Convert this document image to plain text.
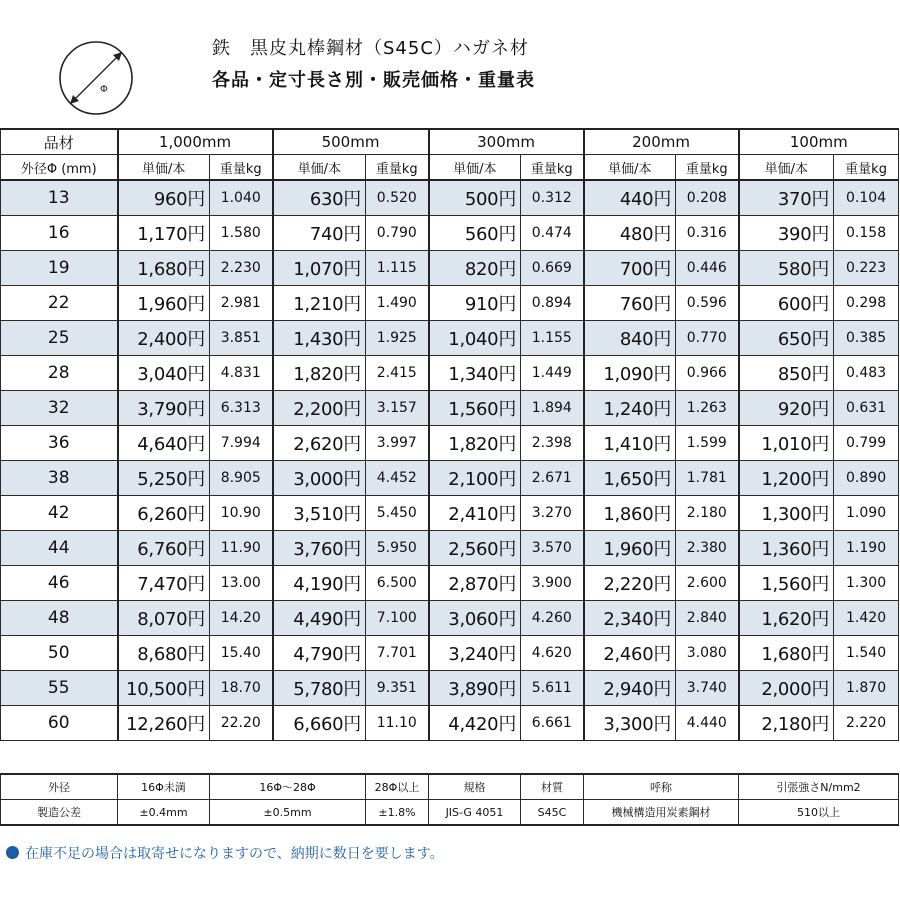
Φ
鉄　黒皮丸棒鋼材（S45C）ハガネ材
各品・定寸長さ別・販売価格・重量表
品材	1,000mm		500mm		300mm		200mm		100mm	
外径Φ (mm)	単価/本	重量kg	単価/本	重量kg	単価/本	重量kg	単価/本	重量kg	単価/本	重量kg
13	960円	1.040	630円	0.520	500円	0.312	440円	0.208	370円	0.104
16	1,170円	1.580	740円	0.790	560円	0.474	480円	0.316	390円	0.158
19	1,680円	2.230	1,070円	1.115	820円	0.669	700円	0.446	580円	0.223
22	1,960円	2.981	1,210円	1.490	910円	0.894	760円	0.596	600円	0.298
25	2,400円	3.851	1,430円	1.925	1,040円	1.155	840円	0.770	650円	0.385
28	3,040円	4.831	1,820円	2.415	1,340円	1.449	1,090円	0.966	850円	0.483
32	3,790円	6.313	2,200円	3.157	1,560円	1.894	1,240円	1.263	920円	0.631
36	4,640円	7.994	2,620円	3.997	1,820円	2.398	1,410円	1.599	1,010円	0.799
38	5,250円	8.905	3,000円	4.452	2,100円	2.671	1,650円	1.781	1,200円	0.890
42	6,260円	10.90	3,510円	5.450	2,410円	3.270	1,860円	2.180	1,300円	1.090
44	6,760円	11.90	3,760円	5.950	2,560円	3.570	1,960円	2.380	1,360円	1.190
46	7,470円	13.00	4,190円	6.500	2,870円	3.900	2,220円	2.600	1,560円	1.300
48	8,070円	14.20	4,490円	7.100	3,060円	4.260	2,340円	2.840	1,620円	1.420
50	8,680円	15.40	4,790円	7.701	3,240円	4.620	2,460円	3.080	1,680円	1.540
55	10,500円	18.70	5,780円	9.351	3,890円	5.611	2,940円	3.740	2,000円	1.870
60	12,260円	22.20	6,660円	11.10	4,420円	6.661	3,300円	4.440	2,180円	2.220
外径	16Φ未満	16Φ～28Φ	28Φ以上	規格	材質	呼称	引張強さN/mm2
製造公差	±0.4mm	±0.5mm	±1.8%	JIS-G 4051	S45C	機械構造用炭素鋼材	510以上
在庫不足の場合は取寄せになりますので、納期に数日を要します。
